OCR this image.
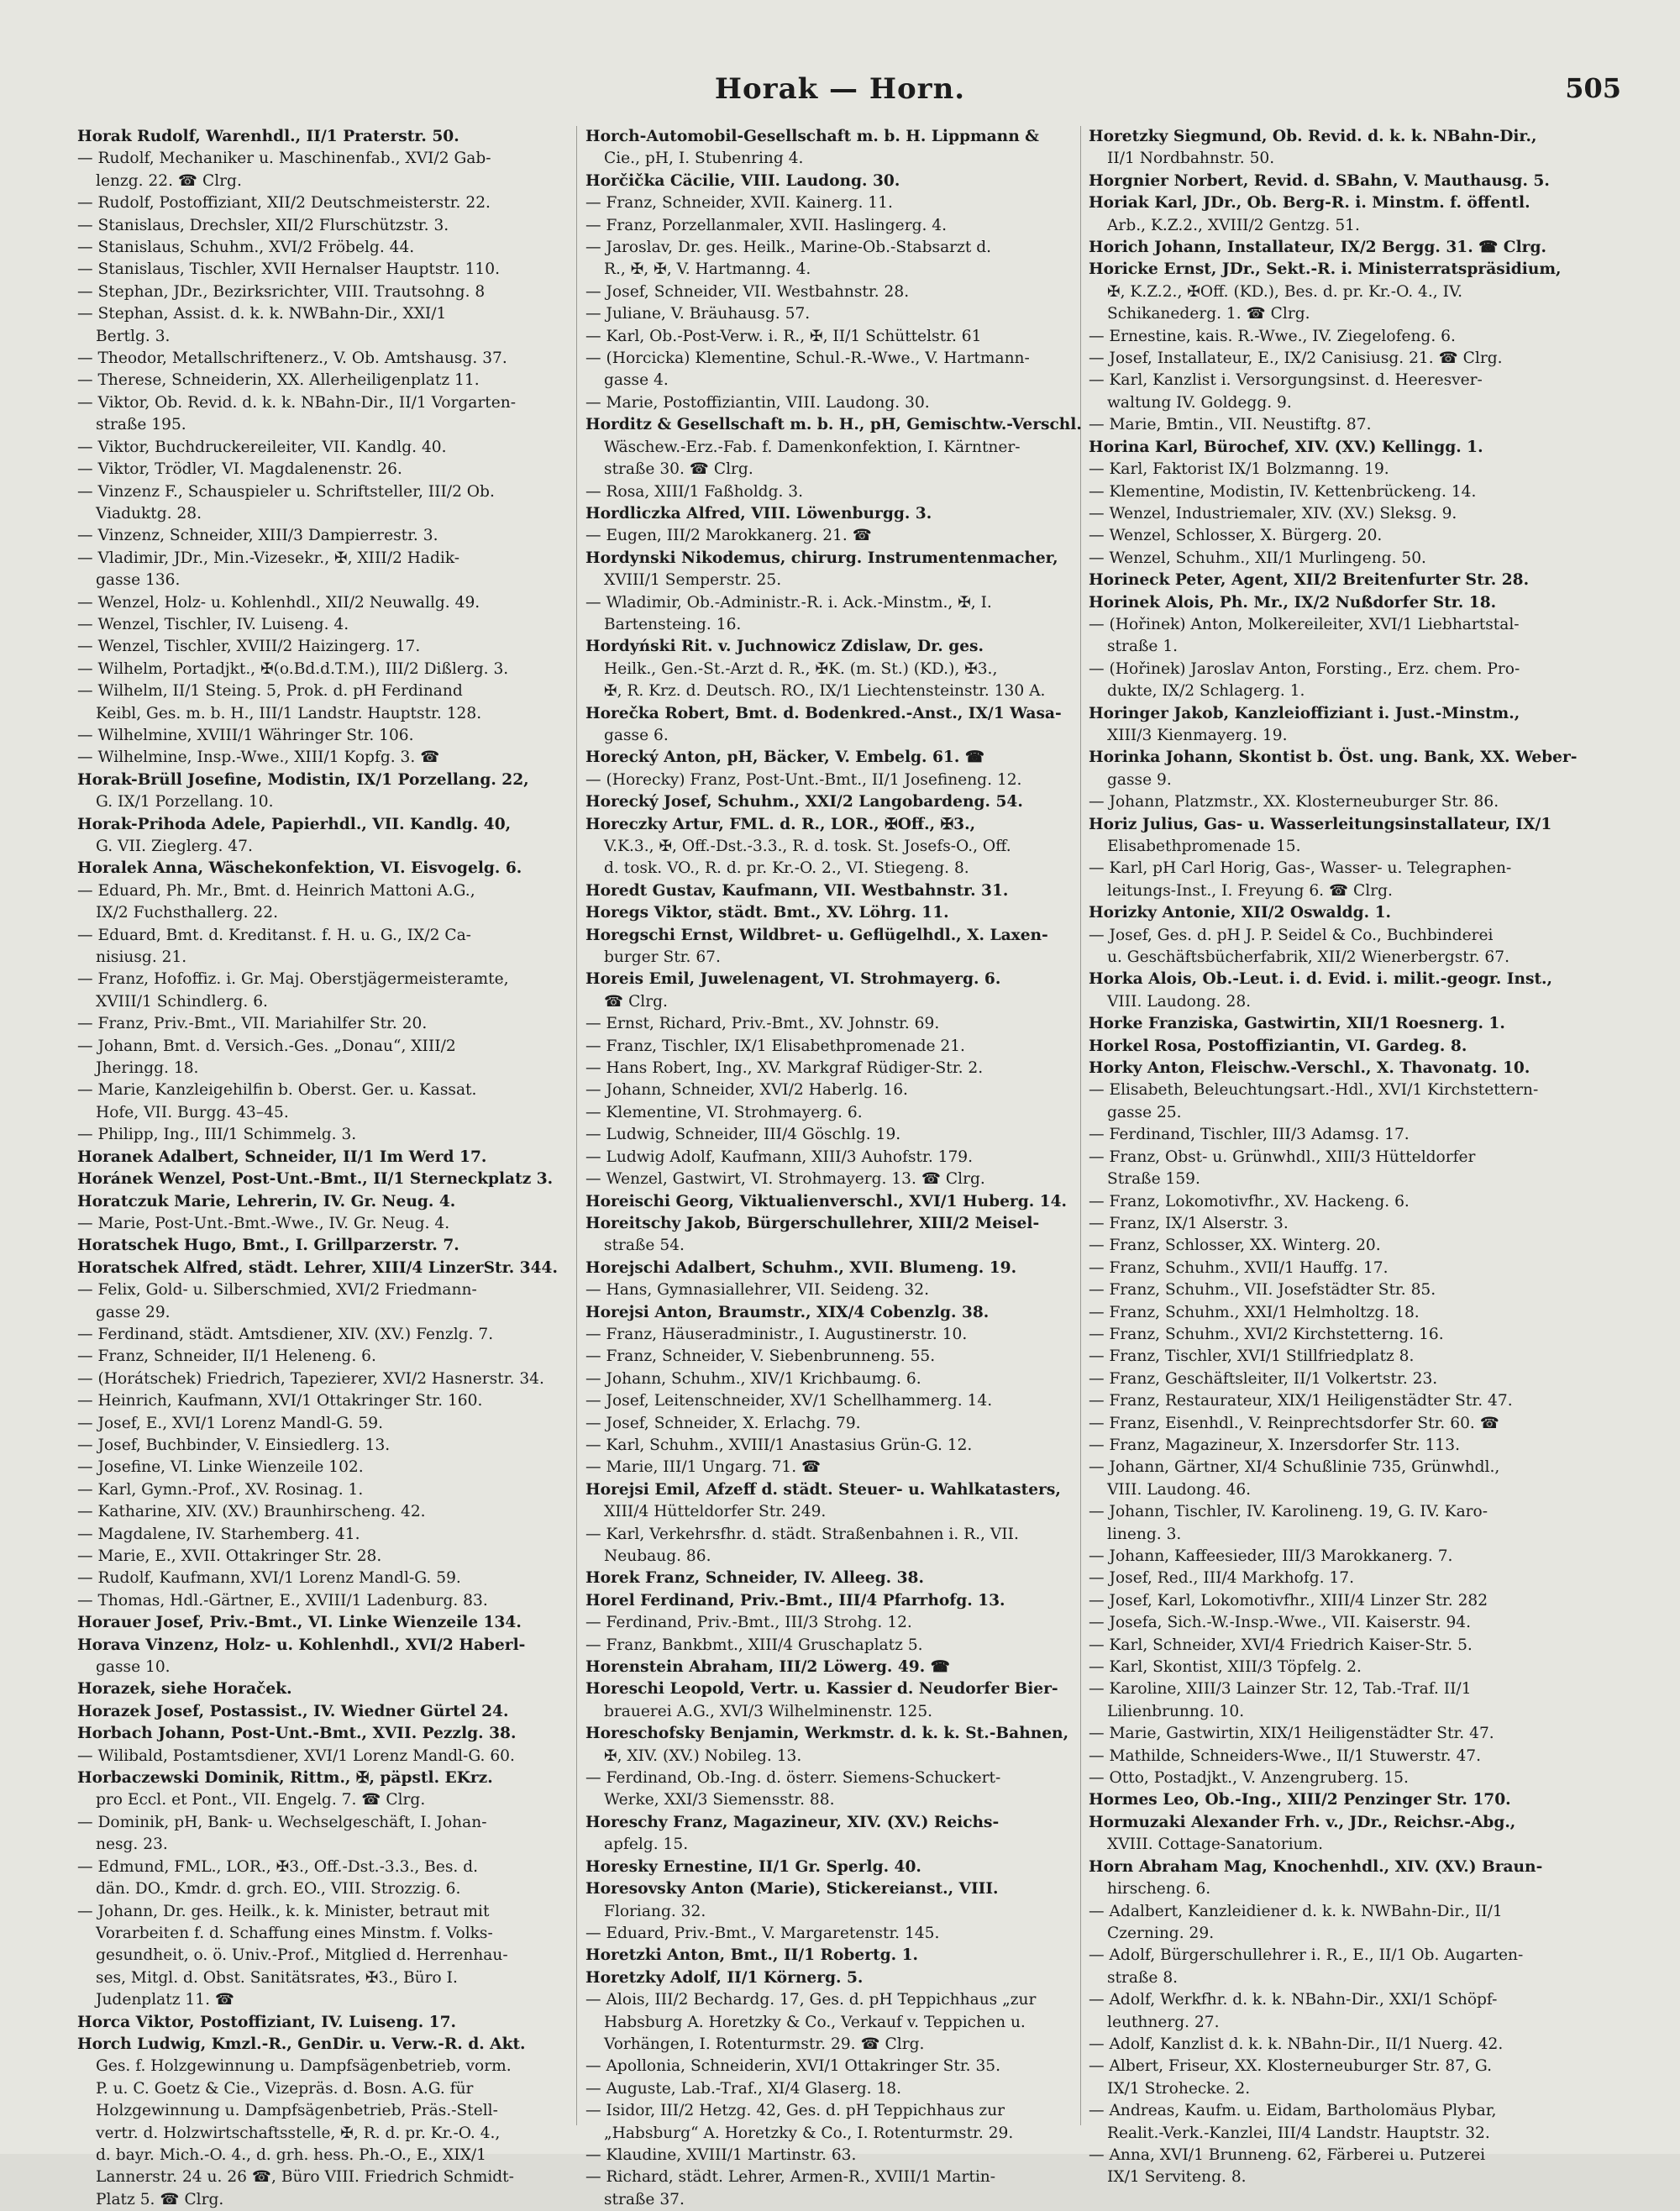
Horak — Horn.	505
Horak Rudolf, Warenhdl., II/1 Praterstr. 50.
— Rudolf, Mechaniker u. Maschinenfab., XVI/2 Gab-
lenzg. 22. ☎ Clrg.
— Rudolf, Postoffiziant, XII/2 Deutschmeisterstr. 22.
— Stanislaus, Drechsler, XII/2 Flurschützstr. 3.
— Stanislaus, Schuhm., XVI/2 Fröbelg. 44.
— Stanislaus, Tischler, XVII Hernalser Hauptstr. 110.
— Stephan, JDr., Bezirksrichter, VIII. Trautsohng. 8
— Stephan, Assist. d. k. k. NWBahn-Dir., XXI/1
Bertlg. 3.
— Theodor, Metallschriftenerz., V. Ob. Amtshausg. 37.
— Therese, Schneiderin, XX. Allerheiligenplatz 11.
— Viktor, Ob. Revid. d. k. k. NBahn-Dir., II/1 Vorgarten-
straße 195.
— Viktor, Buchdruckereileiter, VII. Kandlg. 40.
— Viktor, Trödler, VI. Magdalenenstr. 26.
— Vinzenz F., Schauspieler u. Schriftsteller, III/2 Ob.
Viaduktg. 28.
— Vinzenz, Schneider, XIII/3 Dampierrestr. 3.
— Vladimir, JDr., Min.-Vizesekr., ✠, XIII/2 Hadik-
gasse 136.
— Wenzel, Holz- u. Kohlenhdl., XII/2 Neuwallg. 49.
— Wenzel, Tischler, IV. Luiseng. 4.
— Wenzel, Tischler, XVIII/2 Haizingerg. 17.
— Wilhelm, Portadjkt., ✠(o.Bd.d.T.M.), III/2 Dißlerg. 3.
— Wilhelm, II/1 Steing. 5, Prok. d. pH Ferdinand
Keibl, Ges. m. b. H., III/1 Landstr. Hauptstr. 128.
— Wilhelmine, XVIII/1 Währinger Str. 106.
— Wilhelmine, Insp.-Wwe., XIII/1 Kopfg. 3. ☎
Horak-Brüll Josefine, Modistin, IX/1 Porzellang. 22,
G. IX/1 Porzellang. 10.
Horak-Prihoda Adele, Papierhdl., VII. Kandlg. 40,
G. VII. Zieglerg. 47.
Horalek Anna, Wäschekonfektion, VI. Eisvogelg. 6.
— Eduard, Ph. Mr., Bmt. d. Heinrich Mattoni A.G.,
IX/2 Fuchsthallerg. 22.
— Eduard, Bmt. d. Kreditanst. f. H. u. G., IX/2 Ca-
nisiusg. 21.
— Franz, Hofoffiz. i. Gr. Maj. Oberstjägermeisteramte,
XVIII/1 Schindlerg. 6.
— Franz, Priv.-Bmt., VII. Mariahilfer Str. 20.
— Johann, Bmt. d. Versich.-Ges. „Donau“, XIII/2
Jheringg. 18.
— Marie, Kanzleigehilfin b. Oberst. Ger. u. Kassat.
Hofe, VII. Burgg. 43–45.
— Philipp, Ing., III/1 Schimmelg. 3.
Horanek Adalbert, Schneider, II/1 Im Werd 17.
Horánek Wenzel, Post-Unt.-Bmt., II/1 Sterneckplatz 3.
Horatczuk Marie, Lehrerin, IV. Gr. Neug. 4.
— Marie, Post-Unt.-Bmt.-Wwe., IV. Gr. Neug. 4.
Horatschek Hugo, Bmt., I. Grillparzerstr. 7.
Horatschek Alfred, städt. Lehrer, XIII/4 LinzerStr. 344.
— Felix, Gold- u. Silberschmied, XVI/2 Friedmann-
gasse 29.
— Ferdinand, städt. Amtsdiener, XIV. (XV.) Fenzlg. 7.
— Franz, Schneider, II/1 Heleneng. 6.
— (Horátschek) Friedrich, Tapezierer, XVI/2 Hasnerstr. 34.
— Heinrich, Kaufmann, XVI/1 Ottakringer Str. 160.
— Josef, E., XVI/1 Lorenz Mandl-G. 59.
— Josef, Buchbinder, V. Einsiedlerg. 13.
— Josefine, VI. Linke Wienzeile 102.
— Karl, Gymn.-Prof., XV. Rosinag. 1.
— Katharine, XIV. (XV.) Braunhirscheng. 42.
— Magdalene, IV. Starhemberg. 41.
— Marie, E., XVII. Ottakringer Str. 28.
— Rudolf, Kaufmann, XVI/1 Lorenz Mandl-G. 59.
— Thomas, Hdl.-Gärtner, E., XVIII/1 Ladenburg. 83.
Horauer Josef, Priv.-Bmt., VI. Linke Wienzeile 134.
Horava Vinzenz, Holz- u. Kohlenhdl., XVI/2 Haberl-
gasse 10.
Horazek, siehe Horaček.
Horazek Josef, Postassist., IV. Wiedner Gürtel 24.
Horbach Johann, Post-Unt.-Bmt., XVII. Pezzlg. 38.
— Wilibald, Postamtsdiener, XVI/1 Lorenz Mandl-G. 60.
Horbaczewski Dominik, Rittm., ✠, päpstl. EKrz.
pro Eccl. et Pont., VII. Engelg. 7. ☎ Clrg.
— Dominik, pH, Bank- u. Wechselgeschäft, I. Johan-
nesg. 23.
— Edmund, FML., LOR., ✠3., Off.-Dst.-3.3., Bes. d.
dän. DO., Kmdr. d. grch. EO., VIII. Strozzig. 6.
— Johann, Dr. ges. Heilk., k. k. Minister, betraut mit
Vorarbeiten f. d. Schaffung eines Minstm. f. Volks-
gesundheit, o. ö. Univ.-Prof., Mitglied d. Herrenhau-
ses, Mitgl. d. Obst. Sanitätsrates, ✠3., Büro I.
Judenplatz 11. ☎
Horca Viktor, Postoffiziant, IV. Luiseng. 17.
Horch Ludwig, Kmzl.-R., GenDir. u. Verw.-R. d. Akt.
Ges. f. Holzgewinnung u. Dampfsägenbetrieb, vorm.
P. u. C. Goetz & Cie., Vizepräs. d. Bosn. A.G. für
Holzgewinnung u. Dampfsägenbetrieb, Präs.-Stell-
vertr. d. Holzwirtschaftsstelle, ✠, R. d. pr. Kr.-O. 4.,
d. bayr. Mich.-O. 4., d. grh. hess. Ph.-O., E., XIX/1
Lannerstr. 24 u. 26 ☎, Büro VIII. Friedrich Schmidt-
Platz 5. ☎ Clrg.
Horch-Automobil-Gesellschaft m. b. H. Lippmann &
Cie., pH, I. Stubenring 4.
Horčička Cäcilie, VIII. Laudong. 30.
— Franz, Schneider, XVII. Kainerg. 11.
— Franz, Porzellanmaler, XVII. Haslingerg. 4.
— Jaroslav, Dr. ges. Heilk., Marine-Ob.-Stabsarzt d.
R., ✠, ✠, V. Hartmanng. 4.
— Josef, Schneider, VII. Westbahnstr. 28.
— Juliane, V. Bräuhausg. 57.
— Karl, Ob.-Post-Verw. i. R., ✠, II/1 Schüttelstr. 61
— (Horcicka) Klementine, Schul.-R.-Wwe., V. Hartmann-
gasse 4.
— Marie, Postoffiziantin, VIII. Laudong. 30.
Horditz & Gesellschaft m. b. H., pH, Gemischtw.-Verschl.
Wäschew.-Erz.-Fab. f. Damenkonfektion, I. Kärntner-
straße 30. ☎ Clrg.
— Rosa, XIII/1 Faßholdg. 3.
Hordliczka Alfred, VIII. Löwenburgg. 3.
— Eugen, III/2 Marokkanerg. 21. ☎
Hordynski Nikodemus, chirurg. Instrumentenmacher,
XVIII/1 Semperstr. 25.
— Wladimir, Ob.-Administr.-R. i. Ack.-Minstm., ✠, I.
Bartensteing. 16.
Hordyński Rit. v. Juchnowicz Zdislaw, Dr. ges.
Heilk., Gen.-St.-Arzt d. R., ✠K. (m. St.) (KD.), ✠3.,
✠, R. Krz. d. Deutsch. RO., IX/1 Liechtensteinstr. 130 A.
Horečka Robert, Bmt. d. Bodenkred.-Anst., IX/1 Wasa-
gasse 6.
Horecký Anton, pH, Bäcker, V. Embelg. 61. ☎
— (Horecky) Franz, Post-Unt.-Bmt., II/1 Josefineng. 12.
Horecký Josef, Schuhm., XXI/2 Langobardeng. 54.
Horeczky Artur, FML. d. R., LOR., ✠Off., ✠3.,
V.K.3., ✠, Off.-Dst.-3.3., R. d. tosk. St. Josefs-O., Off.
d. tosk. VO., R. d. pr. Kr.-O. 2., VI. Stiegeng. 8.
Horedt Gustav, Kaufmann, VII. Westbahnstr. 31.
Horegs Viktor, städt. Bmt., XV. Löhrg. 11.
Horegschi Ernst, Wildbret- u. Geflügelhdl., X. Laxen-
burger Str. 67.
Horeis Emil, Juwelenagent, VI. Strohmayerg. 6.
☎ Clrg.
— Ernst, Richard, Priv.-Bmt., XV. Johnstr. 69.
— Franz, Tischler, IX/1 Elisabethpromenade 21.
— Hans Robert, Ing., XV. Markgraf Rüdiger-Str. 2.
— Johann, Schneider, XVI/2 Haberlg. 16.
— Klementine, VI. Strohmayerg. 6.
— Ludwig, Schneider, III/4 Göschlg. 19.
— Ludwig Adolf, Kaufmann, XIII/3 Auhofstr. 179.
— Wenzel, Gastwirt, VI. Strohmayerg. 13. ☎ Clrg.
Horeischi Georg, Viktualienverschl., XVI/1 Huberg. 14.
Horeitschy Jakob, Bürgerschullehrer, XIII/2 Meisel-
straße 54.
Horejschi Adalbert, Schuhm., XVII. Blumeng. 19.
— Hans, Gymnasiallehrer, VII. Seideng. 32.
Horejsi Anton, Braumstr., XIX/4 Cobenzlg. 38.
— Franz, Häuseradministr., I. Augustinerstr. 10.
— Franz, Schneider, V. Siebenbrunneng. 55.
— Johann, Schuhm., XIV/1 Krichbaumg. 6.
— Josef, Leitenschneider, XV/1 Schellhammerg. 14.
— Josef, Schneider, X. Erlachg. 79.
— Karl, Schuhm., XVIII/1 Anastasius Grün-G. 12.
— Marie, III/1 Ungarg. 71. ☎
Horejsi Emil, Afzeff d. städt. Steuer- u. Wahlkatasters,
XIII/4 Hütteldorfer Str. 249.
— Karl, Verkehrsfhr. d. städt. Straßenbahnen i. R., VII.
Neubaug. 86.
Horek Franz, Schneider, IV. Alleeg. 38.
Horel Ferdinand, Priv.-Bmt., III/4 Pfarrhofg. 13.
— Ferdinand, Priv.-Bmt., III/3 Strohg. 12.
— Franz, Bankbmt., XIII/4 Gruschaplatz 5.
Horenstein Abraham, III/2 Löwerg. 49. ☎
Horeschi Leopold, Vertr. u. Kassier d. Neudorfer Bier-
brauerei A.G., XVI/3 Wilhelminenstr. 125.
Horeschofsky Benjamin, Werkmstr. d. k. k. St.-Bahnen,
✠, XIV. (XV.) Nobileg. 13.
— Ferdinand, Ob.-Ing. d. österr. Siemens-Schuckert-
Werke, XXI/3 Siemensstr. 88.
Horeschy Franz, Magazineur, XIV. (XV.) Reichs-
apfelg. 15.
Horesky Ernestine, II/1 Gr. Sperlg. 40.
Horesovsky Anton (Marie), Stickereianst., VIII.
Floriang. 32.
— Eduard, Priv.-Bmt., V. Margaretenstr. 145.
Horetzki Anton, Bmt., II/1 Robertg. 1.
Horetzky Adolf, II/1 Körnerg. 5.
— Alois, III/2 Bechardg. 17, Ges. d. pH Teppichhaus „zur
Habsburg A. Horetzky & Co., Verkauf v. Teppichen u.
Vorhängen, I. Rotenturmstr. 29. ☎ Clrg.
— Apollonia, Schneiderin, XVI/1 Ottakringer Str. 35.
— Auguste, Lab.-Traf., XI/4 Glaserg. 18.
— Isidor, III/2 Hetzg. 42, Ges. d. pH Teppichhaus zur
„Habsburg“ A. Horetzky & Co., I. Rotenturmstr. 29.
— Klaudine, XVIII/1 Martinstr. 63.
— Richard, städt. Lehrer, Armen-R., XVIII/1 Martin-
straße 37.
Horetzky Siegmund, Ob. Revid. d. k. k. NBahn-Dir.,
II/1 Nordbahnstr. 50.
Horgnier Norbert, Revid. d. SBahn, V. Mauthausg. 5.
Horiak Karl, JDr., Ob. Berg-R. i. Minstm. f. öffentl.
Arb., K.Z.2., XVIII/2 Gentzg. 51.
Horich Johann, Installateur, IX/2 Bergg. 31. ☎ Clrg.
Horicke Ernst, JDr., Sekt.-R. i. Ministerratspräsidium,
✠, K.Z.2., ✠Off. (KD.), Bes. d. pr. Kr.-O. 4., IV.
Schikanederg. 1. ☎ Clrg.
— Ernestine, kais. R.-Wwe., IV. Ziegelofeng. 6.
— Josef, Installateur, E., IX/2 Canisiusg. 21. ☎ Clrg.
— Karl, Kanzlist i. Versorgungsinst. d. Heeresver-
waltung IV. Goldegg. 9.
— Marie, Bmtin., VII. Neustiftg. 87.
Horina Karl, Bürochef, XIV. (XV.) Kellingg. 1.
— Karl, Faktorist IX/1 Bolzmanng. 19.
— Klementine, Modistin, IV. Kettenbrückeng. 14.
— Wenzel, Industriemaler, XIV. (XV.) Sleksg. 9.
— Wenzel, Schlosser, X. Bürgerg. 20.
— Wenzel, Schuhm., XII/1 Murlingeng. 50.
Horineck Peter, Agent, XII/2 Breitenfurter Str. 28.
Horinek Alois, Ph. Mr., IX/2 Nußdorfer Str. 18.
— (Hořinek) Anton, Molkereileiter, XVI/1 Liebhartstal-
straße 1.
— (Hořinek) Jaroslav Anton, Forsting., Erz. chem. Pro-
dukte, IX/2 Schlagerg. 1.
Horinger Jakob, Kanzleioffiziant i. Just.-Minstm.,
XIII/3 Kienmayerg. 19.
Horinka Johann, Skontist b. Öst. ung. Bank, XX. Weber-
gasse 9.
— Johann, Platzmstr., XX. Klosterneuburger Str. 86.
Horiz Julius, Gas- u. Wasserleitungsinstallateur, IX/1
Elisabethpromenade 15.
— Karl, pH Carl Horig, Gas-, Wasser- u. Telegraphen-
leitungs-Inst., I. Freyung 6. ☎ Clrg.
Horizky Antonie, XII/2 Oswaldg. 1.
— Josef, Ges. d. pH J. P. Seidel & Co., Buchbinderei
u. Geschäftsbücherfabrik, XII/2 Wienerbergstr. 67.
Horka Alois, Ob.-Leut. i. d. Evid. i. milit.-geogr. Inst.,
VIII. Laudong. 28.
Horke Franziska, Gastwirtin, XII/1 Roesnerg. 1.
Horkel Rosa, Postoffiziantin, VI. Gardeg. 8.
Horky Anton, Fleischw.-Verschl., X. Thavonatg. 10.
— Elisabeth, Beleuchtungsart.-Hdl., XVI/1 Kirchstettern-
gasse 25.
— Ferdinand, Tischler, III/3 Adamsg. 17.
— Franz, Obst- u. Grünwhdl., XIII/3 Hütteldorfer
Straße 159.
— Franz, Lokomotivfhr., XV. Hackeng. 6.
— Franz, IX/1 Alserstr. 3.
— Franz, Schlosser, XX. Winterg. 20.
— Franz, Schuhm., XVII/1 Hauffg. 17.
— Franz, Schuhm., VII. Josefstädter Str. 85.
— Franz, Schuhm., XXI/1 Helmholtzg. 18.
— Franz, Schuhm., XVI/2 Kirchstetterng. 16.
— Franz, Tischler, XVI/1 Stillfriedplatz 8.
— Franz, Geschäftsleiter, II/1 Volkertstr. 23.
— Franz, Restaurateur, XIX/1 Heiligenstädter Str. 47.
— Franz, Eisenhdl., V. Reinprechtsdorfer Str. 60. ☎
— Franz, Magazineur, X. Inzersdorfer Str. 113.
— Johann, Gärtner, XI/4 Schußlinie 735, Grünwhdl.,
VIII. Laudong. 46.
— Johann, Tischler, IV. Karolineng. 19, G. IV. Karo-
lineng. 3.
— Johann, Kaffeesieder, III/3 Marokkanerg. 7.
— Josef, Red., III/4 Markhofg. 17.
— Josef, Karl, Lokomotivfhr., XIII/4 Linzer Str. 282
— Josefa, Sich.-W.-Insp.-Wwe., VII. Kaiserstr. 94.
— Karl, Schneider, XVI/4 Friedrich Kaiser-Str. 5.
— Karl, Skontist, XIII/3 Töpfelg. 2.
— Karoline, XIII/3 Lainzer Str. 12, Tab.-Traf. II/1
Lilienbrunng. 10.
— Marie, Gastwirtin, XIX/1 Heiligenstädter Str. 47.
— Mathilde, Schneiders-Wwe., II/1 Stuwerstr. 47.
— Otto, Postadjkt., V. Anzengruberg. 15.
Hormes Leo, Ob.-Ing., XIII/2 Penzinger Str. 170.
Hormuzaki Alexander Frh. v., JDr., Reichsr.-Abg.,
XVIII. Cottage-Sanatorium.
Horn Abraham Mag, Knochenhdl., XIV. (XV.) Braun-
hirscheng. 6.
— Adalbert, Kanzleidiener d. k. k. NWBahn-Dir., II/1
Czerning. 29.
— Adolf, Bürgerschullehrer i. R., E., II/1 Ob. Augarten-
straße 8.
— Adolf, Werkfhr. d. k. k. NBahn-Dir., XXI/1 Schöpf-
leuthnerg. 27.
— Adolf, Kanzlist d. k. k. NBahn-Dir., II/1 Nuerg. 42.
— Albert, Friseur, XX. Klosterneuburger Str. 87, G.
IX/1 Strohecke. 2.
— Andreas, Kaufm. u. Eidam, Bartholomäus Plybar,
Realit.-Verk.-Kanzlei, III/4 Landstr. Hauptstr. 32.
— Anna, XVI/1 Brunneng. 62, Färberei u. Putzerei
IX/1 Serviteng. 8.
